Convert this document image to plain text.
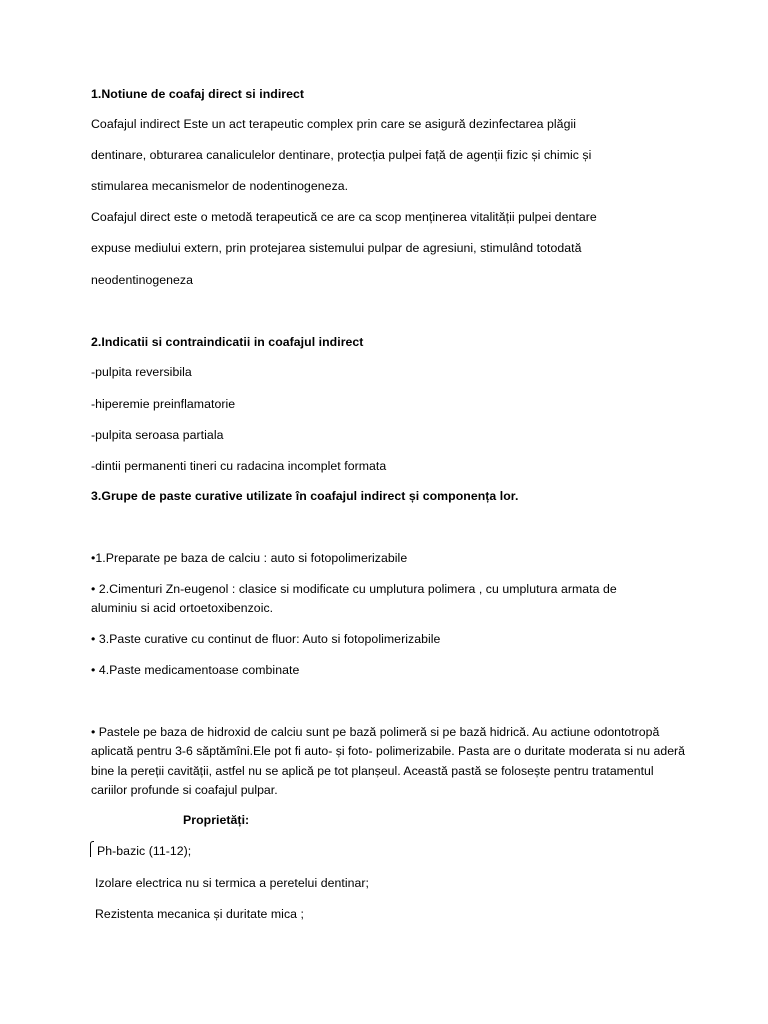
1.Notiune de coafaj direct si indirect
Coafajul indirect Este un act terapeutic complex prin care se asigură dezinfectarea plăgii
dentinare, obturarea canaliculelor dentinare, protecția pulpei față de agenții fizic și chimic și
stimularea mecanismelor de nodentinogeneza.
Coafajul direct este o metodă terapeutică ce are ca scop menținerea vitalității pulpei dentare
expuse mediului extern, prin protejarea sistemului pulpar de agresiuni, stimulând totodată
neodentinogeneza
2.Indicatii si contraindicatii in coafajul indirect
-pulpita reversibila
-hiperemie preinflamatorie
-pulpita seroasa partiala
-dintii permanenti tineri cu radacina incomplet formata
3.Grupe de paste curative utilizate în coafajul indirect și componența lor.
•1.Preparate pe baza de calciu : auto si fotopolimerizabile
• 2.Cimenturi Zn-eugenol : clasice si modificate cu umplutura polimera , cu umplutura armata de
aluminiu si acid ortoetoxibenzoic.
• 3.Paste curative cu continut de fluor: Auto si fotopolimerizabile
• 4.Paste medicamentoase combinate
• Pastele pe baza de hidroxid de calciu sunt pe bază polimeră si pe bază hidrică. Au actiune odontotropă aplicată pentru 3-6 săptămîni.Ele pot fi auto- și foto- polimerizabile. Pasta are o duritate moderata si nu aderă bine la pereții cavității, astfel nu se aplică pe tot planșeul. Această pastă se folosește pentru tratamentul cariilor profunde si coafajul pulpar.
Proprietăți:
Ph-bazic (11-12);
Izolare electrica nu si termica a peretelui dentinar;
Rezistenta mecanica și duritate mica ;
